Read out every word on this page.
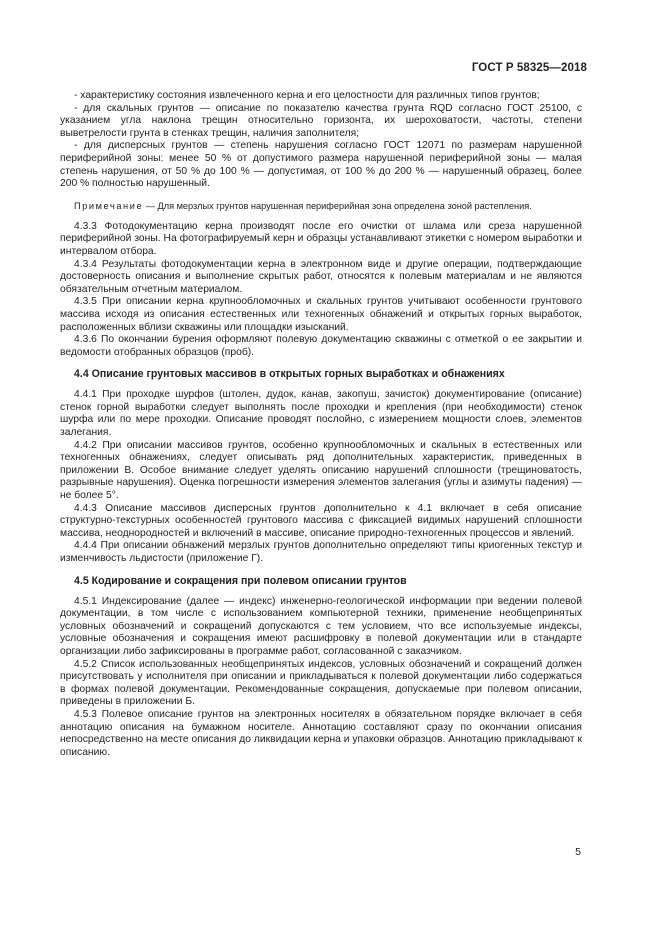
ГОСТ Р 58325—2018

- характеристику состояния извлеченного керна и его целостности для различных типов грунтов;

- для скальных грунтов — описание по показателю качества грунта RQD согласно ГОСТ 25100, с указанием угла наклона трещин относительно горизонта, их шероховатости, частоты, степени выветрелости грунта в стенках трещин, наличия заполнителя;

- для дисперсных грунтов — степень нарушения согласно ГОСТ 12071 по размерам нарушенной периферийной зоны: менее 50 % от допустимого размера нарушенной периферийной зоны — малая степень нарушения, от 50 % до 100 % — допустимая, от 100 % до 200 % — нарушенный образец, более 200 % полностью нарушенный.

Примечание — Для мерзлых грунтов нарушенная периферийная зона определена зоной растепления.

4.3.3 Фотодокументацию керна производят после его очистки от шлама или среза нарушенной периферийной зоны. На фотографируемый керн и образцы устанавливают этикетки с номером выработки и интервалом отбора.

4.3.4 Результаты фотодокументации керна в электронном виде и другие операции, подтверждающие достоверность описания и выполнение скрытых работ, относятся к полевым материалам и не являются обязательным отчетным материалом.

4.3.5 При описании керна крупнообломочных и скальных грунтов учитывают особенности грунтового массива исходя из описания естественных или техногенных обнажений и открытых горных выработок, расположенных вблизи скважины или площадки изысканий.

4.3.6 По окончании бурения оформляют полевую документацию скважины с отметкой о ее закрытии и ведомости отобранных образцов (проб).

4.4 Описание грунтовых массивов в открытых горных выработках и обнажениях

4.4.1 При проходке шурфов (штолен, дудок, канав, закопуш, зачисток) документирование (описание) стенок горной выработки следует выполнять после проходки и крепления (при необходимости) стенок шурфа или по мере проходки. Описание проводят послойно, с измерением мощности слоев, элементов залегания.

4.4.2 При описании массивов грунтов, особенно крупнообломочных и скальных в естественных или техногенных обнажениях, следует описывать ряд дополнительных характеристик, приведенных в приложении В. Особое внимание следует уделять описанию нарушений сплошности (трещиноватость, разрывные нарушения). Оценка погрешности измерения элементов залегания (углы и азимуты падения) — не более 5°.

4.4.3 Описание массивов дисперсных грунтов дополнительно к 4.1 включает в себя описание структурно-текстурных особенностей грунтового массива с фиксацией видимых нарушений сплошности массива, неоднородностей и включений в массиве, описание природно-техногенных процессов и явлений.

4.4.4 При описании обнажений мерзлых грунтов дополнительно определяют типы криогенных текстур и изменчивость льдистости (приложение Г).

4.5 Кодирование и сокращения при полевом описании грунтов

4.5.1 Индексирование (далее — индекс) инженерно-геологической информации при ведении полевой документации, в том числе с использованием компьютерной техники, применение необщепринятых условных обозначений и сокращений допускаются с тем условием, что все используемые индексы, условные обозначения и сокращения имеют расшифровку в полевой документации или в стандарте организации либо зафиксированы в программе работ, согласованной с заказчиком.

4.5.2 Список использованных необщепринятых индексов, условных обозначений и сокращений должен присутствовать у исполнителя при описании и прикладываться к полевой документации либо содержаться в формах полевой документации. Рекомендованные сокращения, допускаемые при полевом описании, приведены в приложении Б.

4.5.3 Полевое описание грунтов на электронных носителях в обязательном порядке включает в себя аннотацию описания на бумажном носителе. Аннотацию составляют сразу по окончании описания непосредственно на месте описания до ликвидации керна и упаковки образцов. Аннотацию прикладывают к описанию.

5
